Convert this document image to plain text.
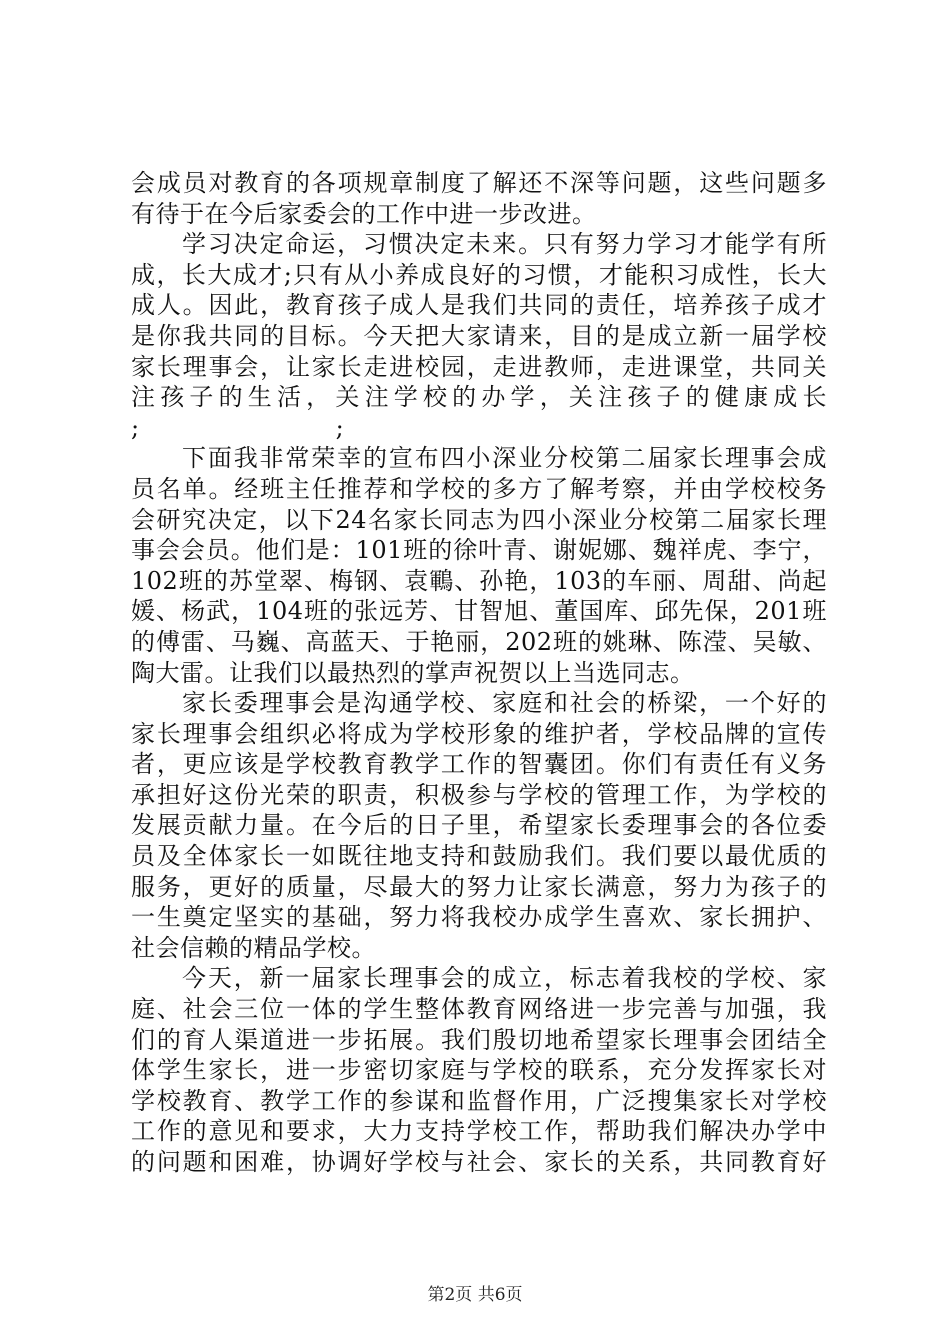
会成员对教育的各项规章制度了解还不深等问题，这些问题多
有待于在今后家委会的工作中进一步改进。
学习决定命运，习惯决定未来。只有努力学习才能学有所
成，长大成才;只有从小养成良好的习惯，才能积习成性，长大
成人。因此，教育孩子成人是我们共同的责任，培养孩子成才
是你我共同的目标。今天把大家请来，目的是成立新一届学校
家长理事会，让家长走进校园，走进教师，走进课堂，共同关
注孩子的生活，关注学校的办学，关注孩子的健康成长
;　　　　　　　　;
下面我非常荣幸的宣布四小深业分校第二届家长理事会成
员名单。经班主任推荐和学校的多方了解考察，并由学校校务
会研究决定，以下24名家长同志为四小深业分校第二届家长理
事会会员。他们是：101班的徐叶青、谢妮娜、魏祥虎、李宁，
102班的苏堂翠、梅钢、袁鶤、孙艳，103的车丽、周甜、尚起
媛、杨武，104班的张远芳、甘智旭、董国库、邱先保，201班
的傅雷、马巍、高蓝天、于艳丽，202班的姚琳、陈滢、吴敏、
陶大雷。让我们以最热烈的掌声祝贺以上当选同志。
家长委理事会是沟通学校、家庭和社会的桥梁，一个好的
家长理事会组织必将成为学校形象的维护者，学校品牌的宣传
者，更应该是学校教育教学工作的智囊团。你们有责任有义务
承担好这份光荣的职责，积极参与学校的管理工作，为学校的
发展贡献力量。在今后的日子里，希望家长委理事会的各位委
员及全体家长一如既往地支持和鼓励我们。我们要以最优质的
服务，更好的质量，尽最大的努力让家长满意，努力为孩子的
一生奠定坚实的基础，努力将我校办成学生喜欢、家长拥护、
社会信赖的精品学校。
今天，新一届家长理事会的成立，标志着我校的学校、家
庭、社会三位一体的学生整体教育网络进一步完善与加强，我
们的育人渠道进一步拓展。我们殷切地希望家长理事会团结全
体学生家长，进一步密切家庭与学校的联系，充分发挥家长对
学校教育、教学工作的参谋和监督作用，广泛搜集家长对学校
工作的意见和要求，大力支持学校工作，帮助我们解决办学中
的问题和困难，协调好学校与社会、家长的关系，共同教育好
第2页 共6页
